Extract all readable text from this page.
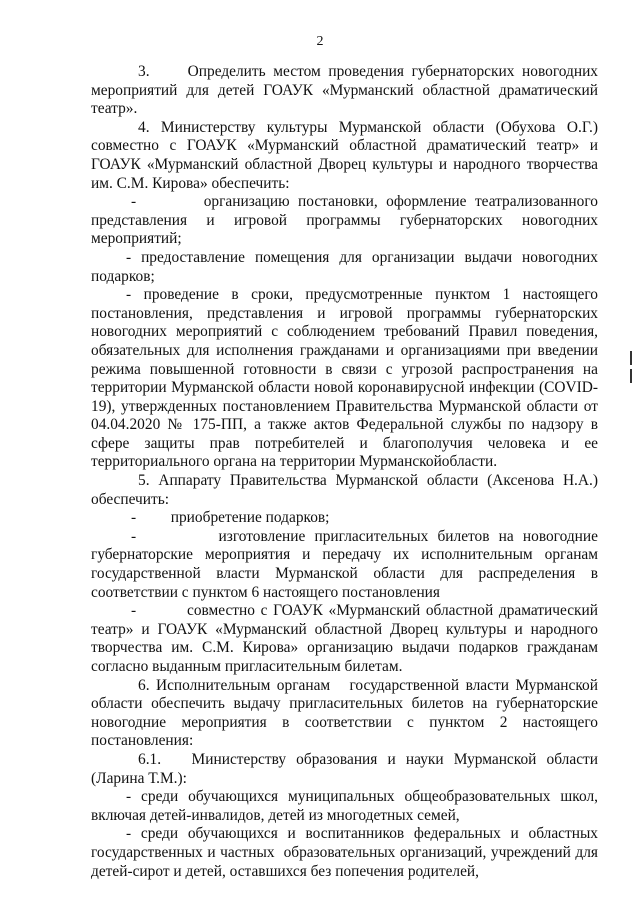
2

3.     Определить местом проведения губернаторских новогодних мероприятий для детей ГОАУК «Мурманский областной драматический театр».

4. Министерству культуры Мурманской области (Обухова О.Г.) совместно с ГОАУК «Мурманский областной драматический театр» и ГОАУК «Мурманский областной Дворец культуры и народного творчества им. С.М. Кирова» обеспечить:

-        организацию постановки, оформление театрализованного представления и игровой программы губернаторских новогодних мероприятий;

- предоставление помещения для организации выдачи новогодних подарков;

- проведение в сроки, предусмотренные пунктом 1 настоящего постановления, представления и игровой программы губернаторских новогодних мероприятий с соблюдением требований Правил поведения, обязательных для исполнения гражданами и организациями при введении режима повышенной готовности в связи с угрозой распространения на территории Мурманской области новой коронавирусной инфекции (COVID-19), утвержденных постановлением Правительства Мурманской области от 04.04.2020 № 175-ПП, а также актов Федеральной службы по надзору в сфере защиты прав потребителей и благополучия человека и ее территориального органа на территории Мурманскойобласти.

5. Аппарату Правительства Мурманской области (Аксенова Н.А.) обеспечить:

-         приобретение подарков;

-         изготовление пригласительных билетов на новогодние губернаторские мероприятия и передачу их исполнительным органам государственной власти Мурманской области для распределения в соответствии с пунктом 6 настоящего постановления

-         совместно с ГОАУК «Мурманский областной драматический театр» и ГОАУК «Мурманский областной Дворец культуры и народного творчества им. С.М. Кирова» организацию выдачи подарков гражданам согласно выданным пригласительным билетам.

6. Исполнительным органам   государственной власти Мурманской области обеспечить выдачу пригласительных билетов на губернаторские новогодние мероприятия в соответствии с пунктом 2 настоящего постановления:

6.1.   Министерству образования и науки Мурманской области (Ларина Т.М.):

- среди обучающихся муниципальных общеобразовательных школ, включая детей-инвалидов, детей из многодетных семей,

- среди обучающихся и воспитанников федеральных и областных государственных и частных  образовательных организаций, учреждений для детей-сирот и детей, оставшихся без попечения родителей,
